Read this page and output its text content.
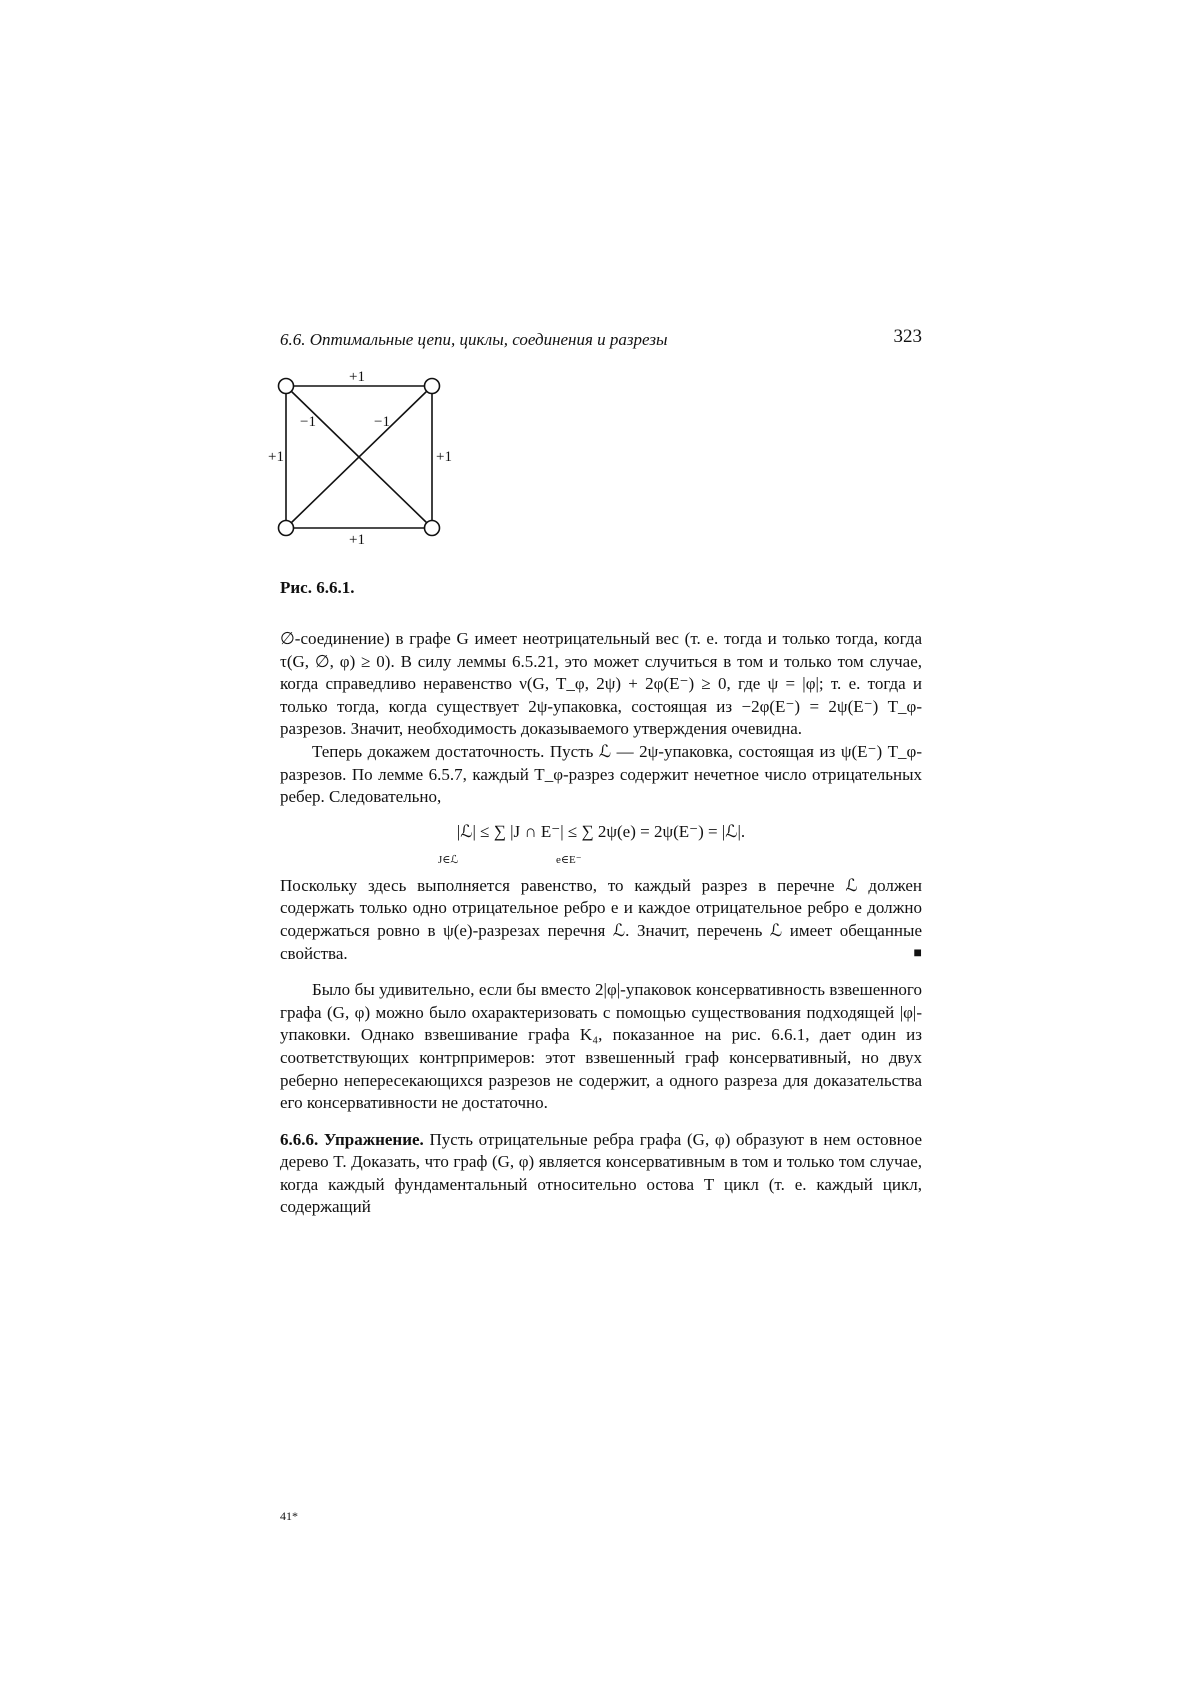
6.6. Оптимальные цепи, циклы, соединения и разрезы	323
+1
+1
+1	+1
−1	−1
Рис. 6.6.1.

∅-соединение) в графе G имеет неотрицательный вес (т. е. тогда и только тогда, когда τ(G, ∅, φ) ≥ 0). В силу леммы 6.5.21, это может случиться в том и только том случае, когда справедливо неравенство ν(G, T_φ, 2ψ) + 2φ(E⁻) ≥ 0, где ψ = |φ|; т. е. тогда и только тогда, когда существует 2ψ-упаковка, состоящая из −2φ(E⁻) = 2ψ(E⁻) T_φ-разрезов. Значит, необходимость доказываемого утверждения очевидна.

Теперь докажем достаточность. Пусть ℒ — 2ψ-упаковка, состоящая из ψ(E⁻) T_φ-разрезов. По лемме 6.5.7, каждый T_φ-разрез содержит нечетное число отрицательных ребер. Следовательно,

|ℒ| ≤ ∑ |J ∩ E⁻| ≤ ∑ 2ψ(e) = 2ψ(E⁻) = |ℒ|.
J∈ℒ	e∈E⁻

Поскольку здесь выполняется равенство, то каждый разрез в перечне ℒ должен содержать только одно отрицательное ребро e и каждое отрицательное ребро e должно содержаться ровно в ψ(e)-разрезах перечня ℒ. Значит, перечень ℒ имеет обещанные свойства.	■

Было бы удивительно, если бы вместо 2|φ|-упаковок консервативность взвешенного графа (G, φ) можно было охарактеризовать с помощью существования подходящей |φ|-упаковки. Однако взвешивание графа K₄, показанное на рис. 6.6.1, дает один из соответствующих контрпримеров: этот взвешенный граф консервативный, но двух реберно непересекающихся разрезов не содержит, а одного разреза для доказательства его консервативности не достаточно.

6.6.6. Упражнение. Пусть отрицательные ребра графа (G, φ) образуют в нем остовное дерево T. Доказать, что граф (G, φ) является консервативным в том и только том случае, когда каждый фундаментальный относительно остова T цикл (т. е. каждый цикл, содержащий

41*
